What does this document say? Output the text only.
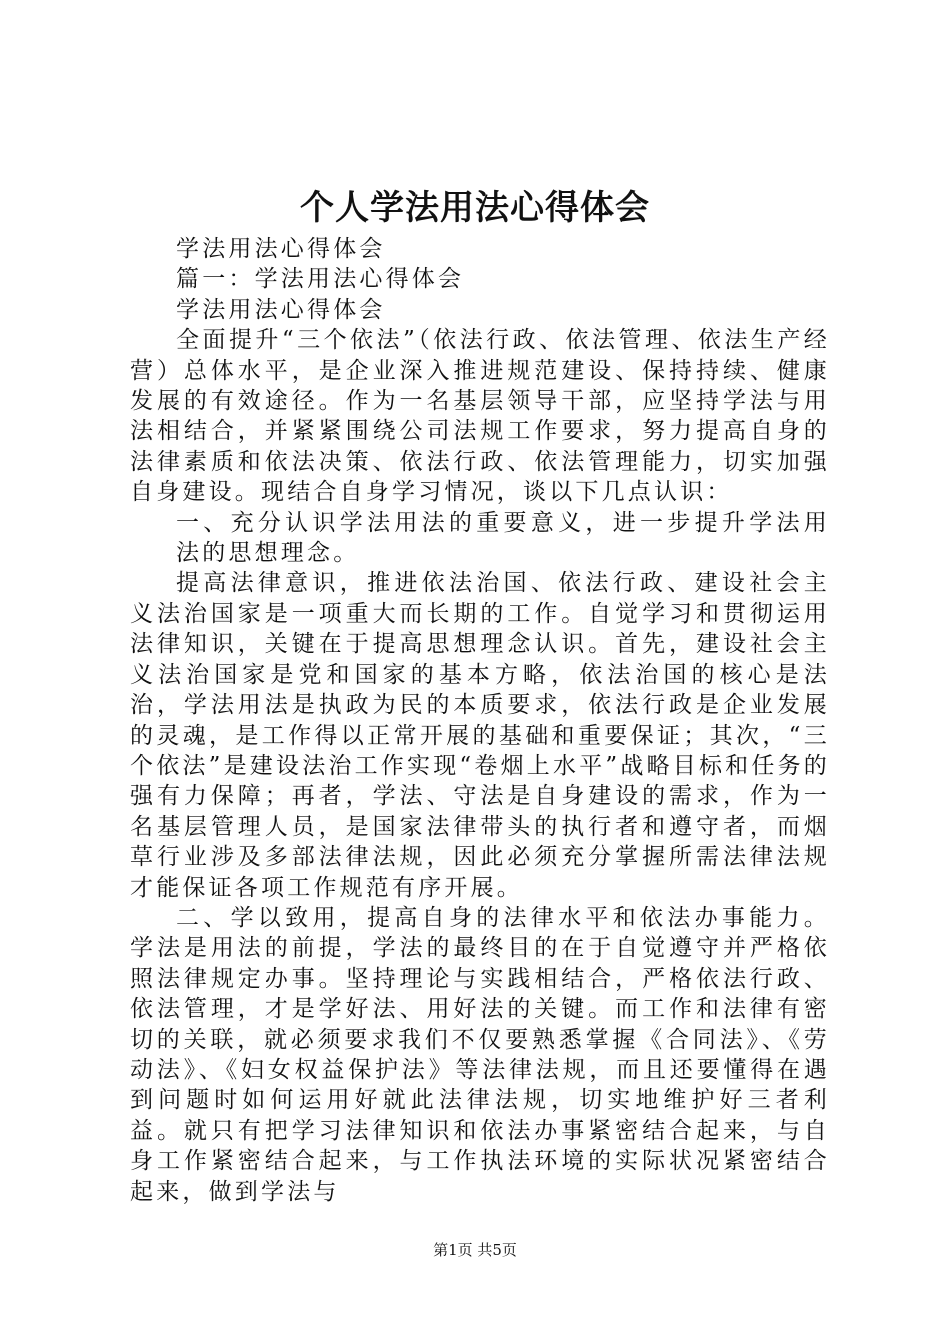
个人学法用法心得体会

学法用法心得体会

篇一：学法用法心得体会

学法用法心得体会

全面提升“三个依法”（依法行政、依法管理、依法生产经营）总体水平，是企业深入推进规范建设、保持持续、健康发展的有效途径。作为一名基层领导干部，应坚持学法与用法相结合，并紧紧围绕公司法规工作要求，努力提高自身的法律素质和依法决策、依法行政、依法管理能力，切实加强自身建设。现结合自身学习情况，谈以下几点认识：

一、充分认识学法用法的重要意义，进一步提升学法用法的思想理念。

提高法律意识，推进依法治国、依法行政、建设社会主义法治国家是一项重大而长期的工作。自觉学习和贯彻运用法律知识，关键在于提高思想理念认识。首先，建设社会主义法治国家是党和国家的基本方略，依法治国的核心是法治，学法用法是执政为民的本质要求，依法行政是企业发展的灵魂，是工作得以正常开展的基础和重要保证；其次，“三个依法”是建设法治工作实现“卷烟上水平”战略目标和任务的强有力保障；再者，学法、守法是自身建设的需求，作为一名基层管理人员，是国家法律带头的执行者和遵守者，而烟草行业涉及多部法律法规，因此必须充分掌握所需法律法规才能保证各项工作规范有序开展。

二、学以致用，提高自身的法律水平和依法办事能力。学法是用法的前提，学法的最终目的在于自觉遵守并严格依照法律规定办事。坚持理论与实践相结合，严格依法行政、依法管理，才是学好法、用好法的关键。而工作和法律有密切的关联，就必须要求我们不仅要熟悉掌握《合同法》、《劳动法》、《妇女权益保护法》等法律法规，而且还要懂得在遇到问题时如何运用好就此法律法规，切实地维护好三者利益。就只有把学习法律知识和依法办事紧密结合起来，与自身工作紧密结合起来，与工作执法环境的实际状况紧密结合起来，做到学法与

第1页 共5页
